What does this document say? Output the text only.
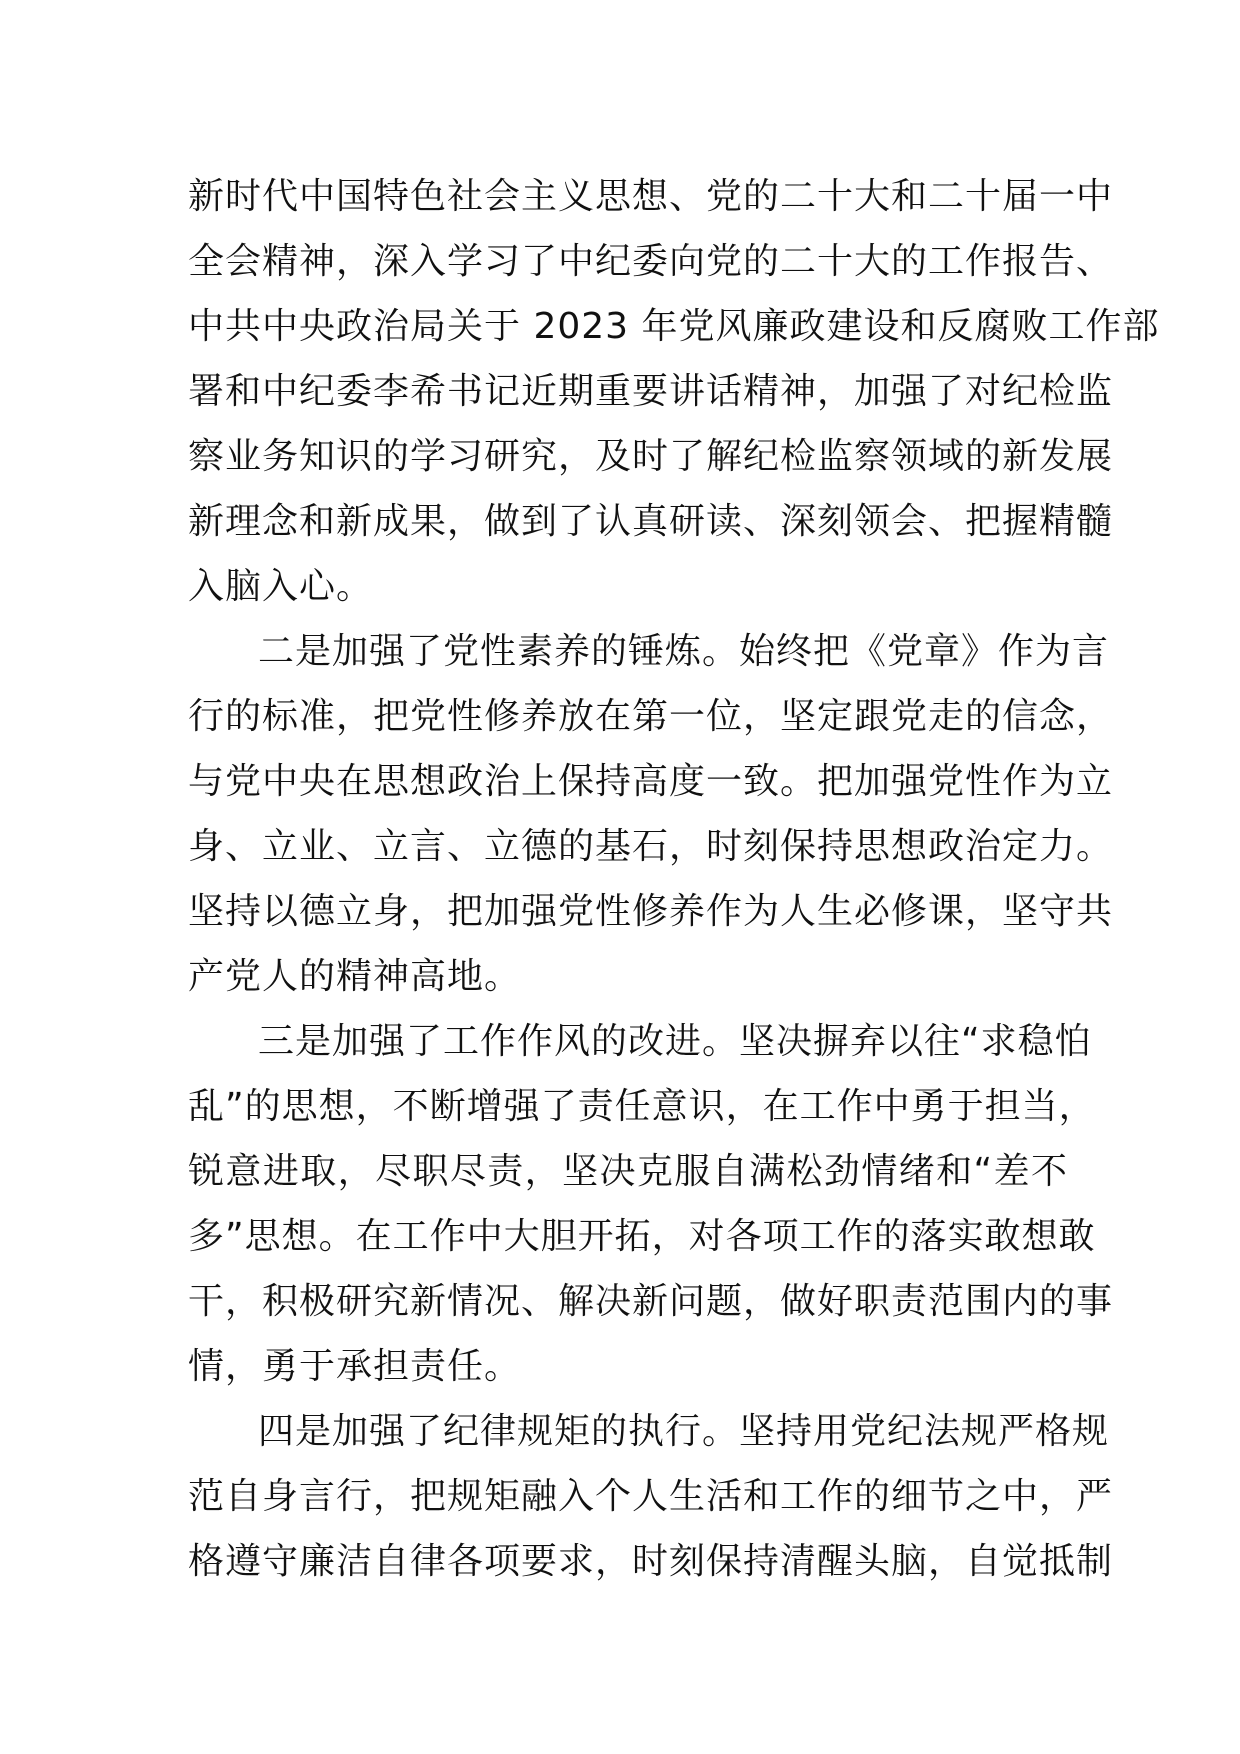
新时代中国特色社会主义思想、党的二十大和二十届一中
全会精神，深入学习了中纪委向党的二十大的工作报告、
中共中央政治局关于 2023 年党风廉政建设和反腐败工作部
署和中纪委李希书记近期重要讲话精神，加强了对纪检监
察业务知识的学习研究，及时了解纪检监察领域的新发展
新理念和新成果，做到了认真研读、深刻领会、把握精髓
入脑入心。
二是加强了党性素养的锤炼。始终把《党章》作为言
行的标准，把党性修养放在第一位，坚定跟党走的信念，
与党中央在思想政治上保持高度一致。把加强党性作为立
身、立业、立言、立德的基石，时刻保持思想政治定力。
坚持以德立身，把加强党性修养作为人生必修课，坚守共
产党人的精神高地。
三是加强了工作作风的改进。坚决摒弃以往“求稳怕
乱”的思想，不断增强了责任意识，在工作中勇于担当，
锐意进取，尽职尽责，坚决克服自满松劲情绪和“差不
多”思想。在工作中大胆开拓，对各项工作的落实敢想敢
干，积极研究新情况、解决新问题，做好职责范围内的事
情，勇于承担责任。
四是加强了纪律规矩的执行。坚持用党纪法规严格规
范自身言行，把规矩融入个人生活和工作的细节之中，严
格遵守廉洁自律各项要求，时刻保持清醒头脑，自觉抵制
